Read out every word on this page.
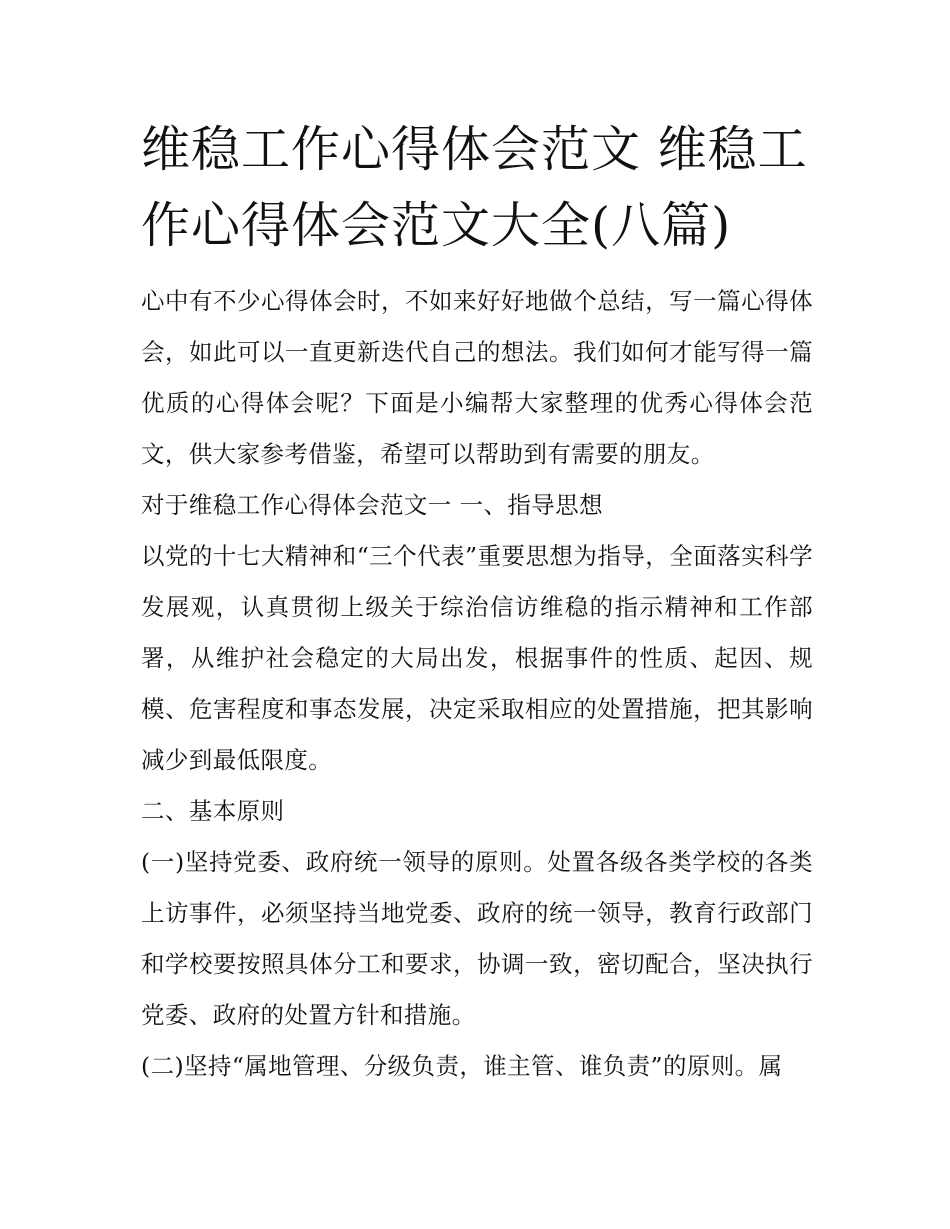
维稳工作心得体会范文 维稳工作心得体会范文大全(八篇)

心中有不少心得体会时，不如来好好地做个总结，写一篇心得体会，如此可以一直更新迭代自己的想法。我们如何才能写得一篇优质的心得体会呢？下面是小编帮大家整理的优秀心得体会范文，供大家参考借鉴，希望可以帮助到有需要的朋友。

对于维稳工作心得体会范文一 一、指导思想

以党的十七大精神和“三个代表”重要思想为指导，全面落实科学发展观，认真贯彻上级关于综治信访维稳的指示精神和工作部署，从维护社会稳定的大局出发，根据事件的性质、起因、规模、危害程度和事态发展，决定采取相应的处置措施，把其影响减少到最低限度。

二、基本原则

(一)坚持党委、政府统一领导的原则。处置各级各类学校的各类上访事件，必须坚持当地党委、政府的统一领导，教育行政部门和学校要按照具体分工和要求，协调一致，密切配合，坚决执行党委、政府的处置方针和措施。

(二)坚持“属地管理、分级负责，谁主管、谁负责”的原则。属
